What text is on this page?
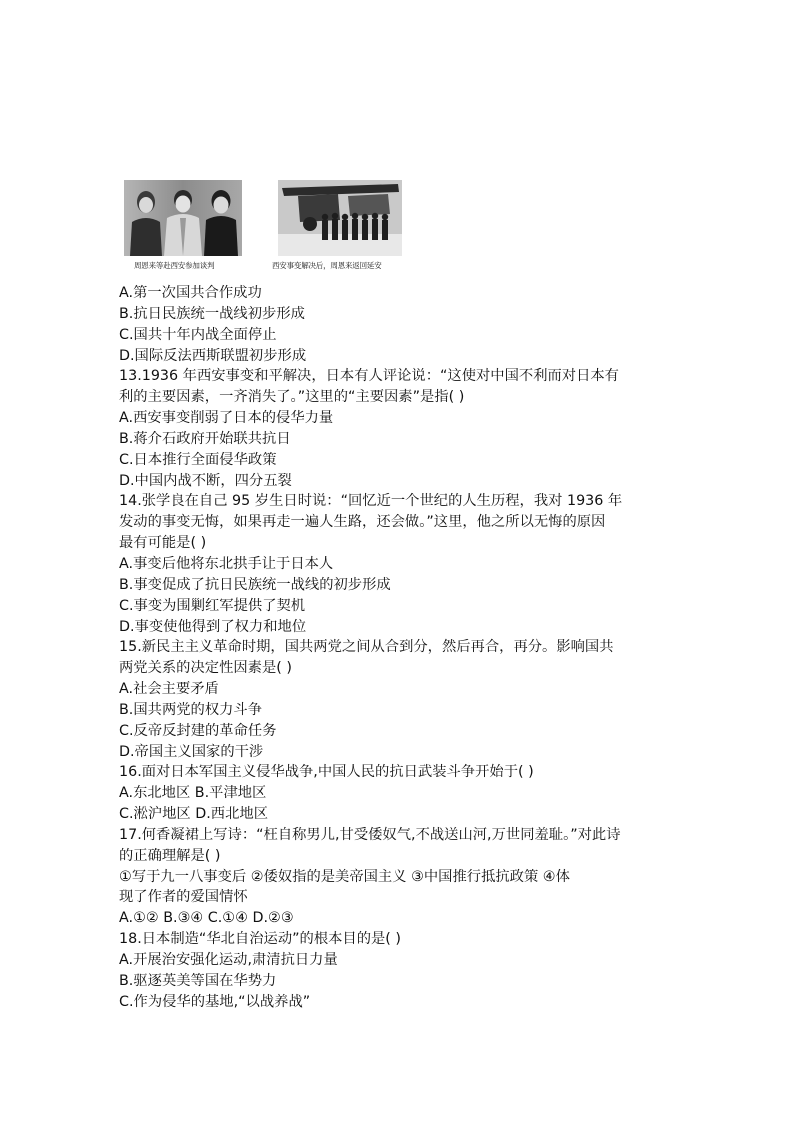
周恩来等赴西安参加谈判	西安事变解决后，周恩来返回延安
A.第一次国共合作成功
B.抗日民族统一战线初步形成
C.国共十年内战全面停止
D.国际反法西斯联盟初步形成
13.1936 年西安事变和平解决，日本有人评论说：“这使对中国不利而对日本有
利的主要因素，一齐消失了。”这里的“主要因素”是指( )
A.西安事变削弱了日本的侵华力量
B.蒋介石政府开始联共抗日
C.日本推行全面侵华政策
D.中国内战不断，四分五裂
14.张学良在自己 95 岁生日时说：“回忆近一个世纪的人生历程，我对 1936 年
发动的事变无悔，如果再走一遍人生路，还会做。”这里，他之所以无悔的原因
最有可能是( )
A.事变后他将东北拱手让于日本人
B.事变促成了抗日民族统一战线的初步形成
C.事变为围剿红军提供了契机
D.事变使他得到了权力和地位
15.新民主主义革命时期，国共两党之间从合到分，然后再合，再分。影响国共
两党关系的决定性因素是( )
A.社会主要矛盾
B.国共两党的权力斗争
C.反帝反封建的革命任务
D.帝国主义国家的干涉
16.面对日本军国主义侵华战争,中国人民的抗日武装斗争开始于( )
A.东北地区 B.平津地区
C.淞沪地区 D.西北地区
17.何香凝裙上写诗：“枉自称男儿,甘受倭奴气,不战送山河,万世同羞耻。”对此诗
的正确理解是( )
①写于九一八事变后 ②倭奴指的是美帝国主义 ③中国推行抵抗政策 ④体
现了作者的爱国情怀
A.①② B.③④ C.①④ D.②③
18.日本制造“华北自治运动”的根本目的是( )
A.开展治安强化运动,肃清抗日力量
B.驱逐英美等国在华势力
C.作为侵华的基地,“以战养战”
